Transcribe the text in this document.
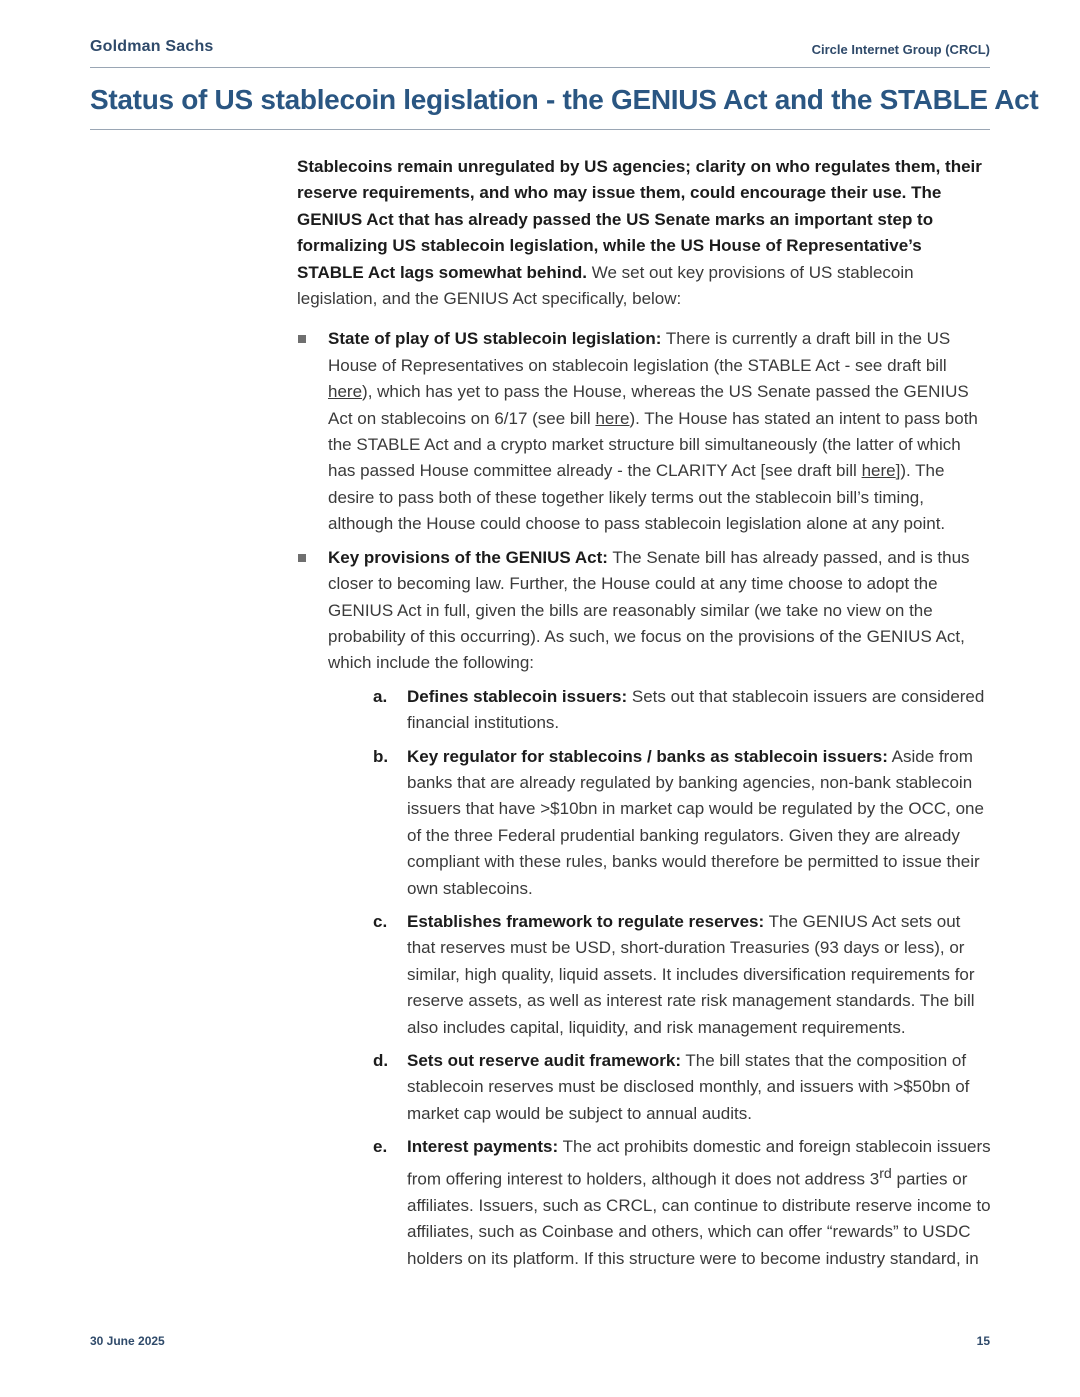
Goldman Sachs	Circle Internet Group (CRCL)
Status of US stablecoin legislation - the GENIUS Act and the STABLE Act

Stablecoins remain unregulated by US agencies; clarity on who regulates them, their reserve requirements, and who may issue them, could encourage their use. The GENIUS Act that has already passed the US Senate marks an important step to formalizing US stablecoin legislation, while the US House of Representative’s STABLE Act lags somewhat behind. We set out key provisions of US stablecoin legislation, and the GENIUS Act specifically, below:

State of play of US stablecoin legislation: There is currently a draft bill in the US House of Representatives on stablecoin legislation (the STABLE Act - see draft bill here), which has yet to pass the House, whereas the US Senate passed the GENIUS Act on stablecoins on 6/17 (see bill here). The House has stated an intent to pass both the STABLE Act and a crypto market structure bill simultaneously (the latter of which has passed House committee already - the CLARITY Act [see draft bill here]). The desire to pass both of these together likely terms out the stablecoin bill’s timing, although the House could choose to pass stablecoin legislation alone at any point.
Key provisions of the GENIUS Act: The Senate bill has already passed, and is thus closer to becoming law. Further, the House could at any time choose to adopt the GENIUS Act in full, given the bills are reasonably similar (we take no view on the probability of this occurring). As such, we focus on the provisions of the GENIUS Act, which include the following:
a. Defines stablecoin issuers: Sets out that stablecoin issuers are considered financial institutions.
b. Key regulator for stablecoins / banks as stablecoin issuers: Aside from banks that are already regulated by banking agencies, non-bank stablecoin issuers that have >$10bn in market cap would be regulated by the OCC, one of the three Federal prudential banking regulators. Given they are already compliant with these rules, banks would therefore be permitted to issue their own stablecoins.
c. Establishes framework to regulate reserves: The GENIUS Act sets out that reserves must be USD, short-duration Treasuries (93 days or less), or similar, high quality, liquid assets. It includes diversification requirements for reserve assets, as well as interest rate risk management standards. The bill also includes capital, liquidity, and risk management requirements.
d. Sets out reserve audit framework: The bill states that the composition of stablecoin reserves must be disclosed monthly, and issuers with >$50bn of market cap would be subject to annual audits.
e. Interest payments: The act prohibits domestic and foreign stablecoin issuers from offering interest to holders, although it does not address 3rd parties or affiliates. Issuers, such as CRCL, can continue to distribute reserve income to affiliates, such as Coinbase and others, which can offer “rewards” to USDC holders on its platform. If this structure were to become industry standard, in
30 June 2025	15
